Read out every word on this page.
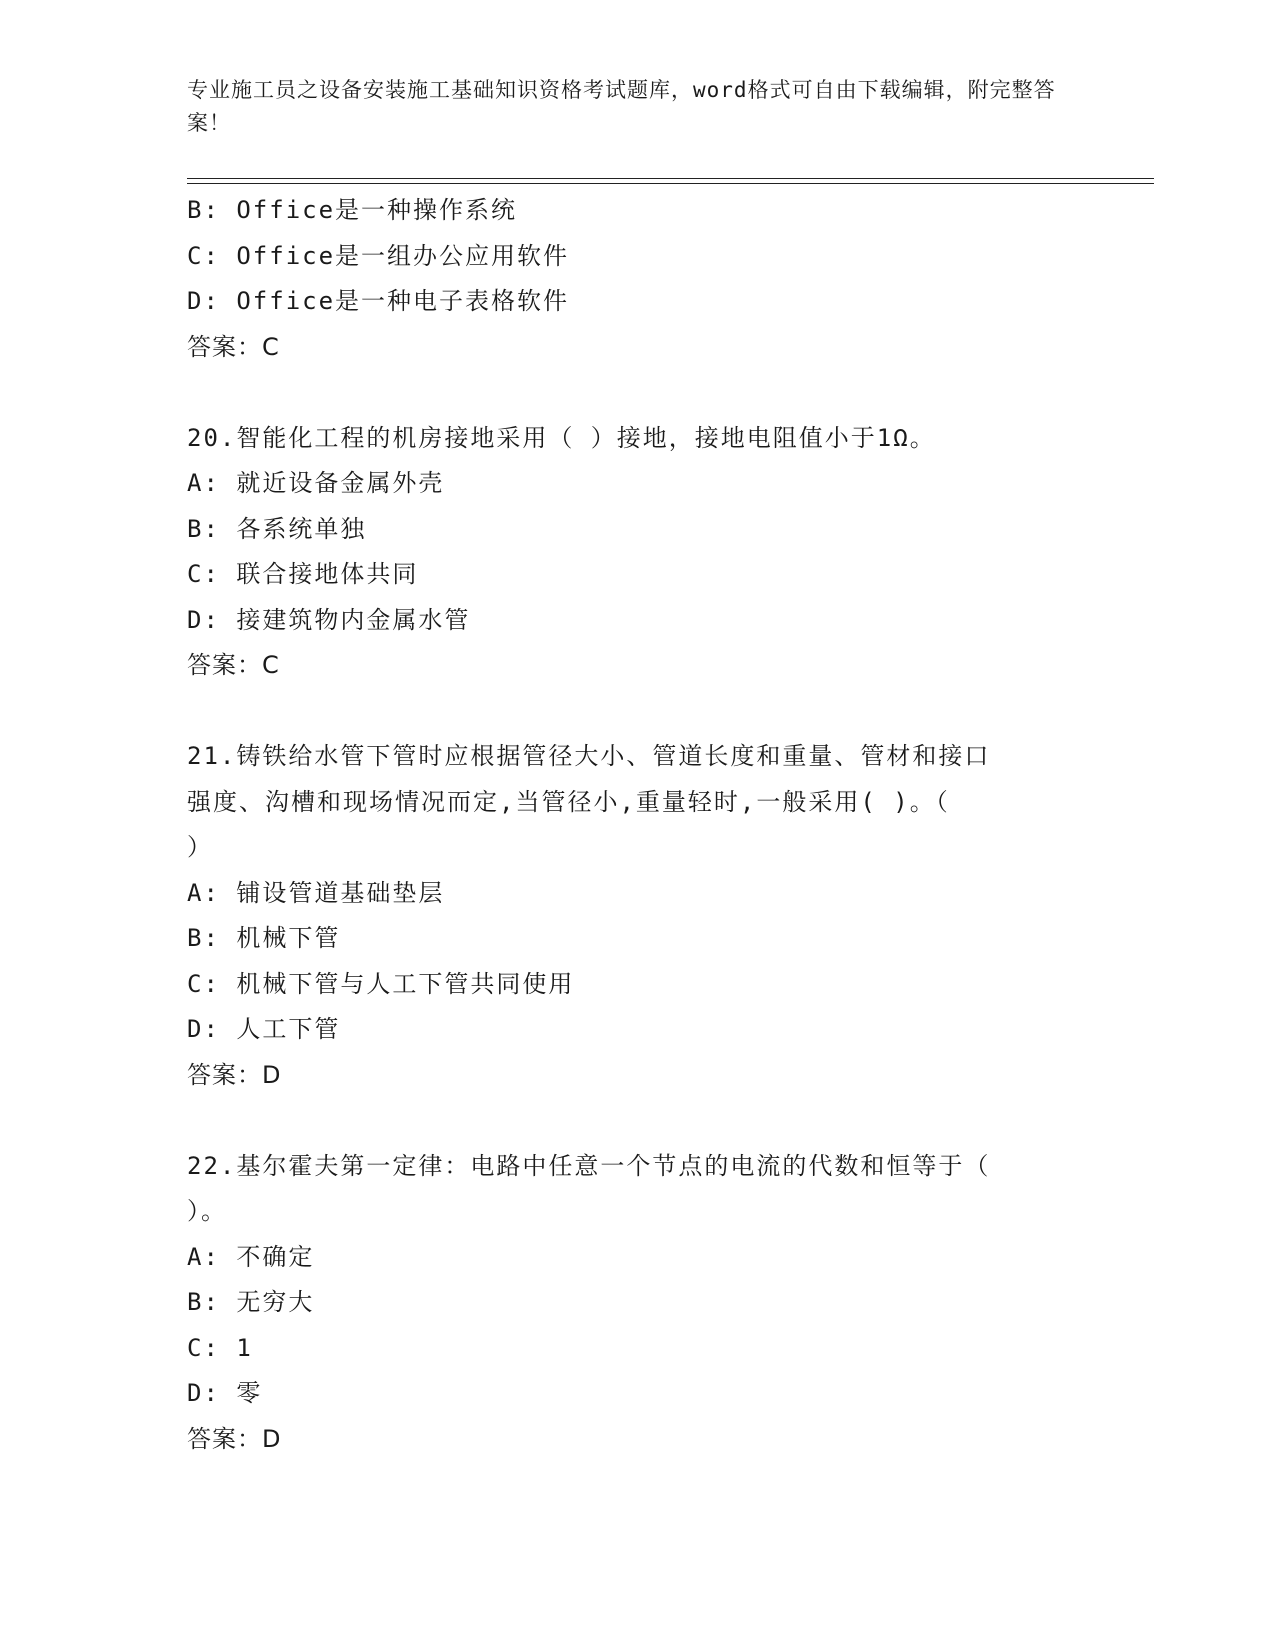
专业施工员之设备安装施工基础知识资格考试题库，word格式可自由下载编辑，附完整答案！
B: Office是一种操作系统
C: Office是一组办公应用软件
D: Office是一种电子表格软件
答案：C
20.智能化工程的机房接地采用（ ）接地，接地电阻值小于1Ω。
A: 就近设备金属外壳
B: 各系统单独
C: 联合接地体共同
D: 接建筑物内金属水管
答案：C
21.铸铁给水管下管时应根据管径大小、管道长度和重量、管材和接口
强度、沟槽和现场情况而定,当管径小,重量轻时,一般采用( )。（
）
A: 铺设管道基础垫层
B: 机械下管
C: 机械下管与人工下管共同使用
D: 人工下管
答案：D
22.基尔霍夫第一定律：电路中任意一个节点的电流的代数和恒等于（
）。
A: 不确定
B: 无穷大
C: 1
D: 零
答案：D
